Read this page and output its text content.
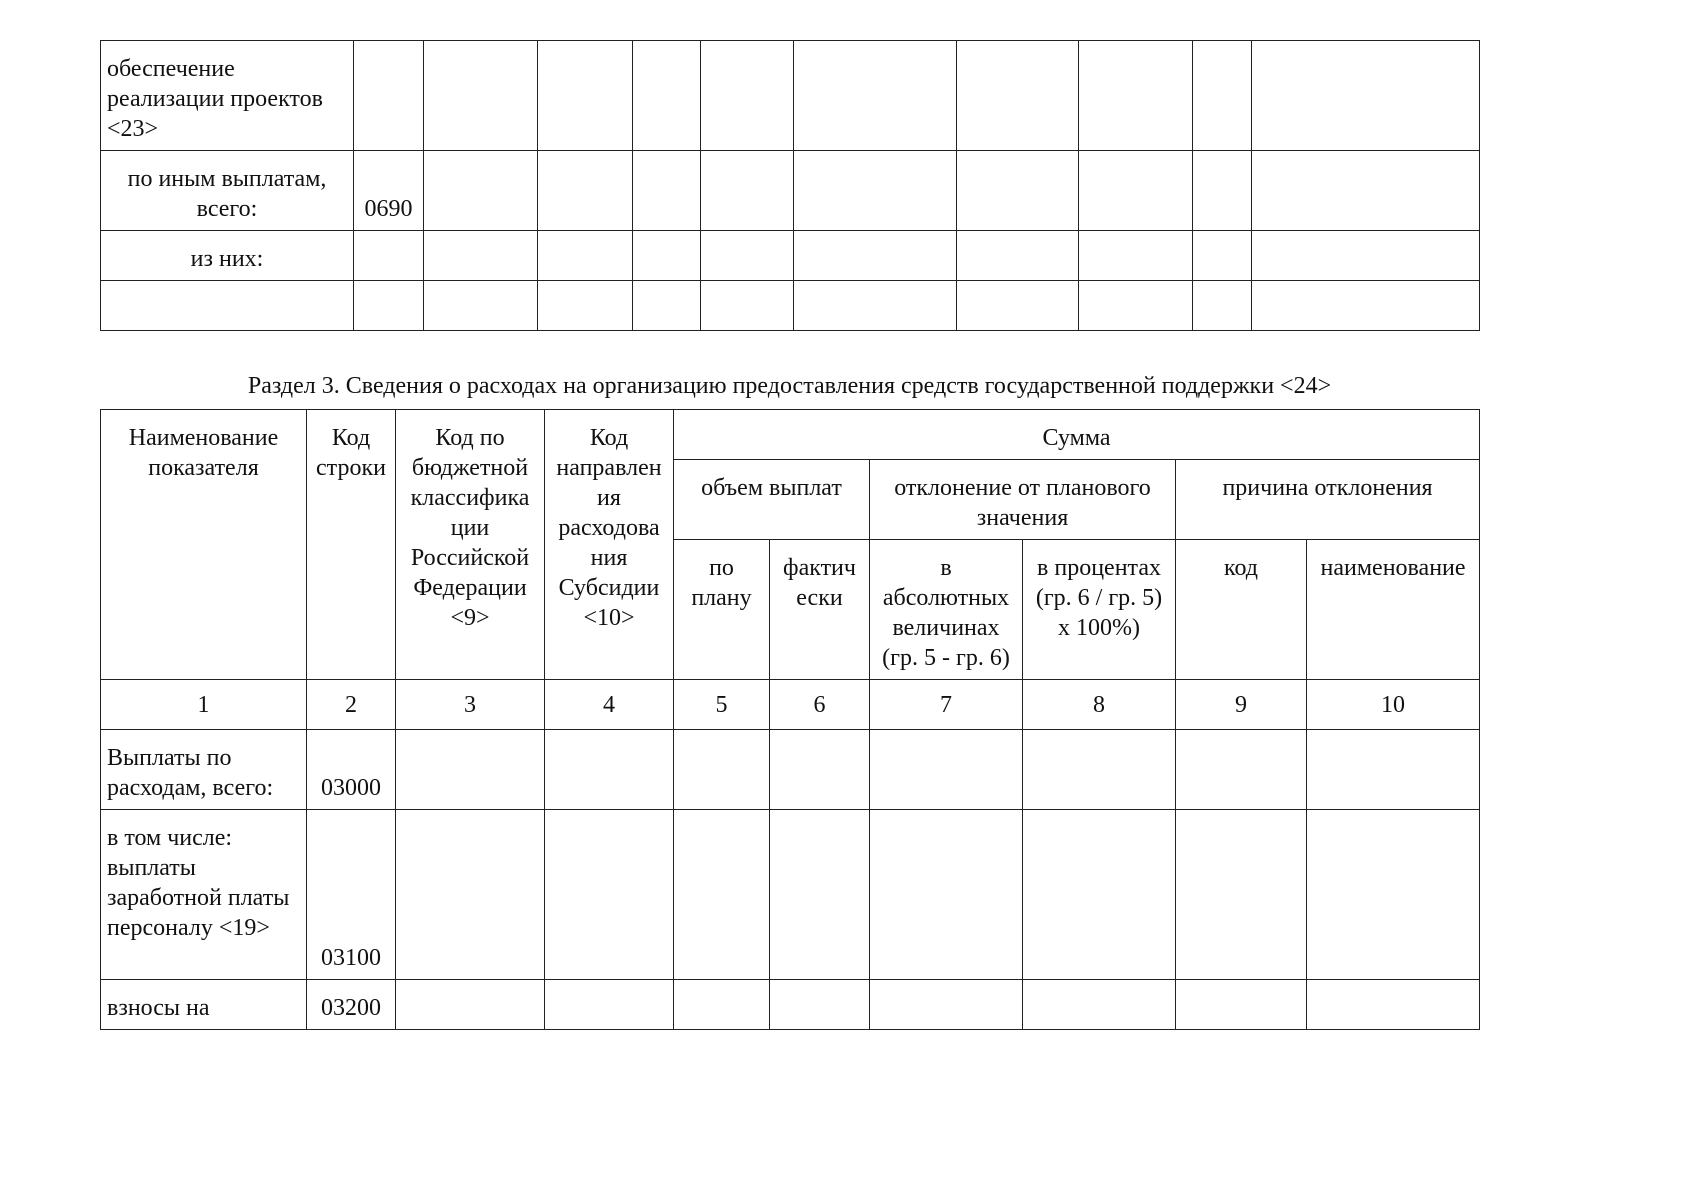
обеспечение реализации проектов <23>										
по иным выплатам, всего:	0690									
из них:										

Раздел 3. Сведения о расходах на организацию предоставления средств государственной поддержки <24>
Наименование показателя	Код строки	Код по бюджетной классифика ции Российской Федерации <9>	Код направлен ия расходова ния Субсидии <10>	Сумма					
				объем выплат		отклонение от планового значения		причина отклонения	
				по плану	фактич ески	в абсолютных величинах (гр. 5 - гр. 6)	в процентах (гр. 6 / гр. 5) x 100%)	код	наименование
1	2	3	4	5	6	7	8	9	10
Выплаты по расходам, всего:	03000								
в том числе: выплаты заработной платы персоналу <19>	03100								
взносы на	03200								
